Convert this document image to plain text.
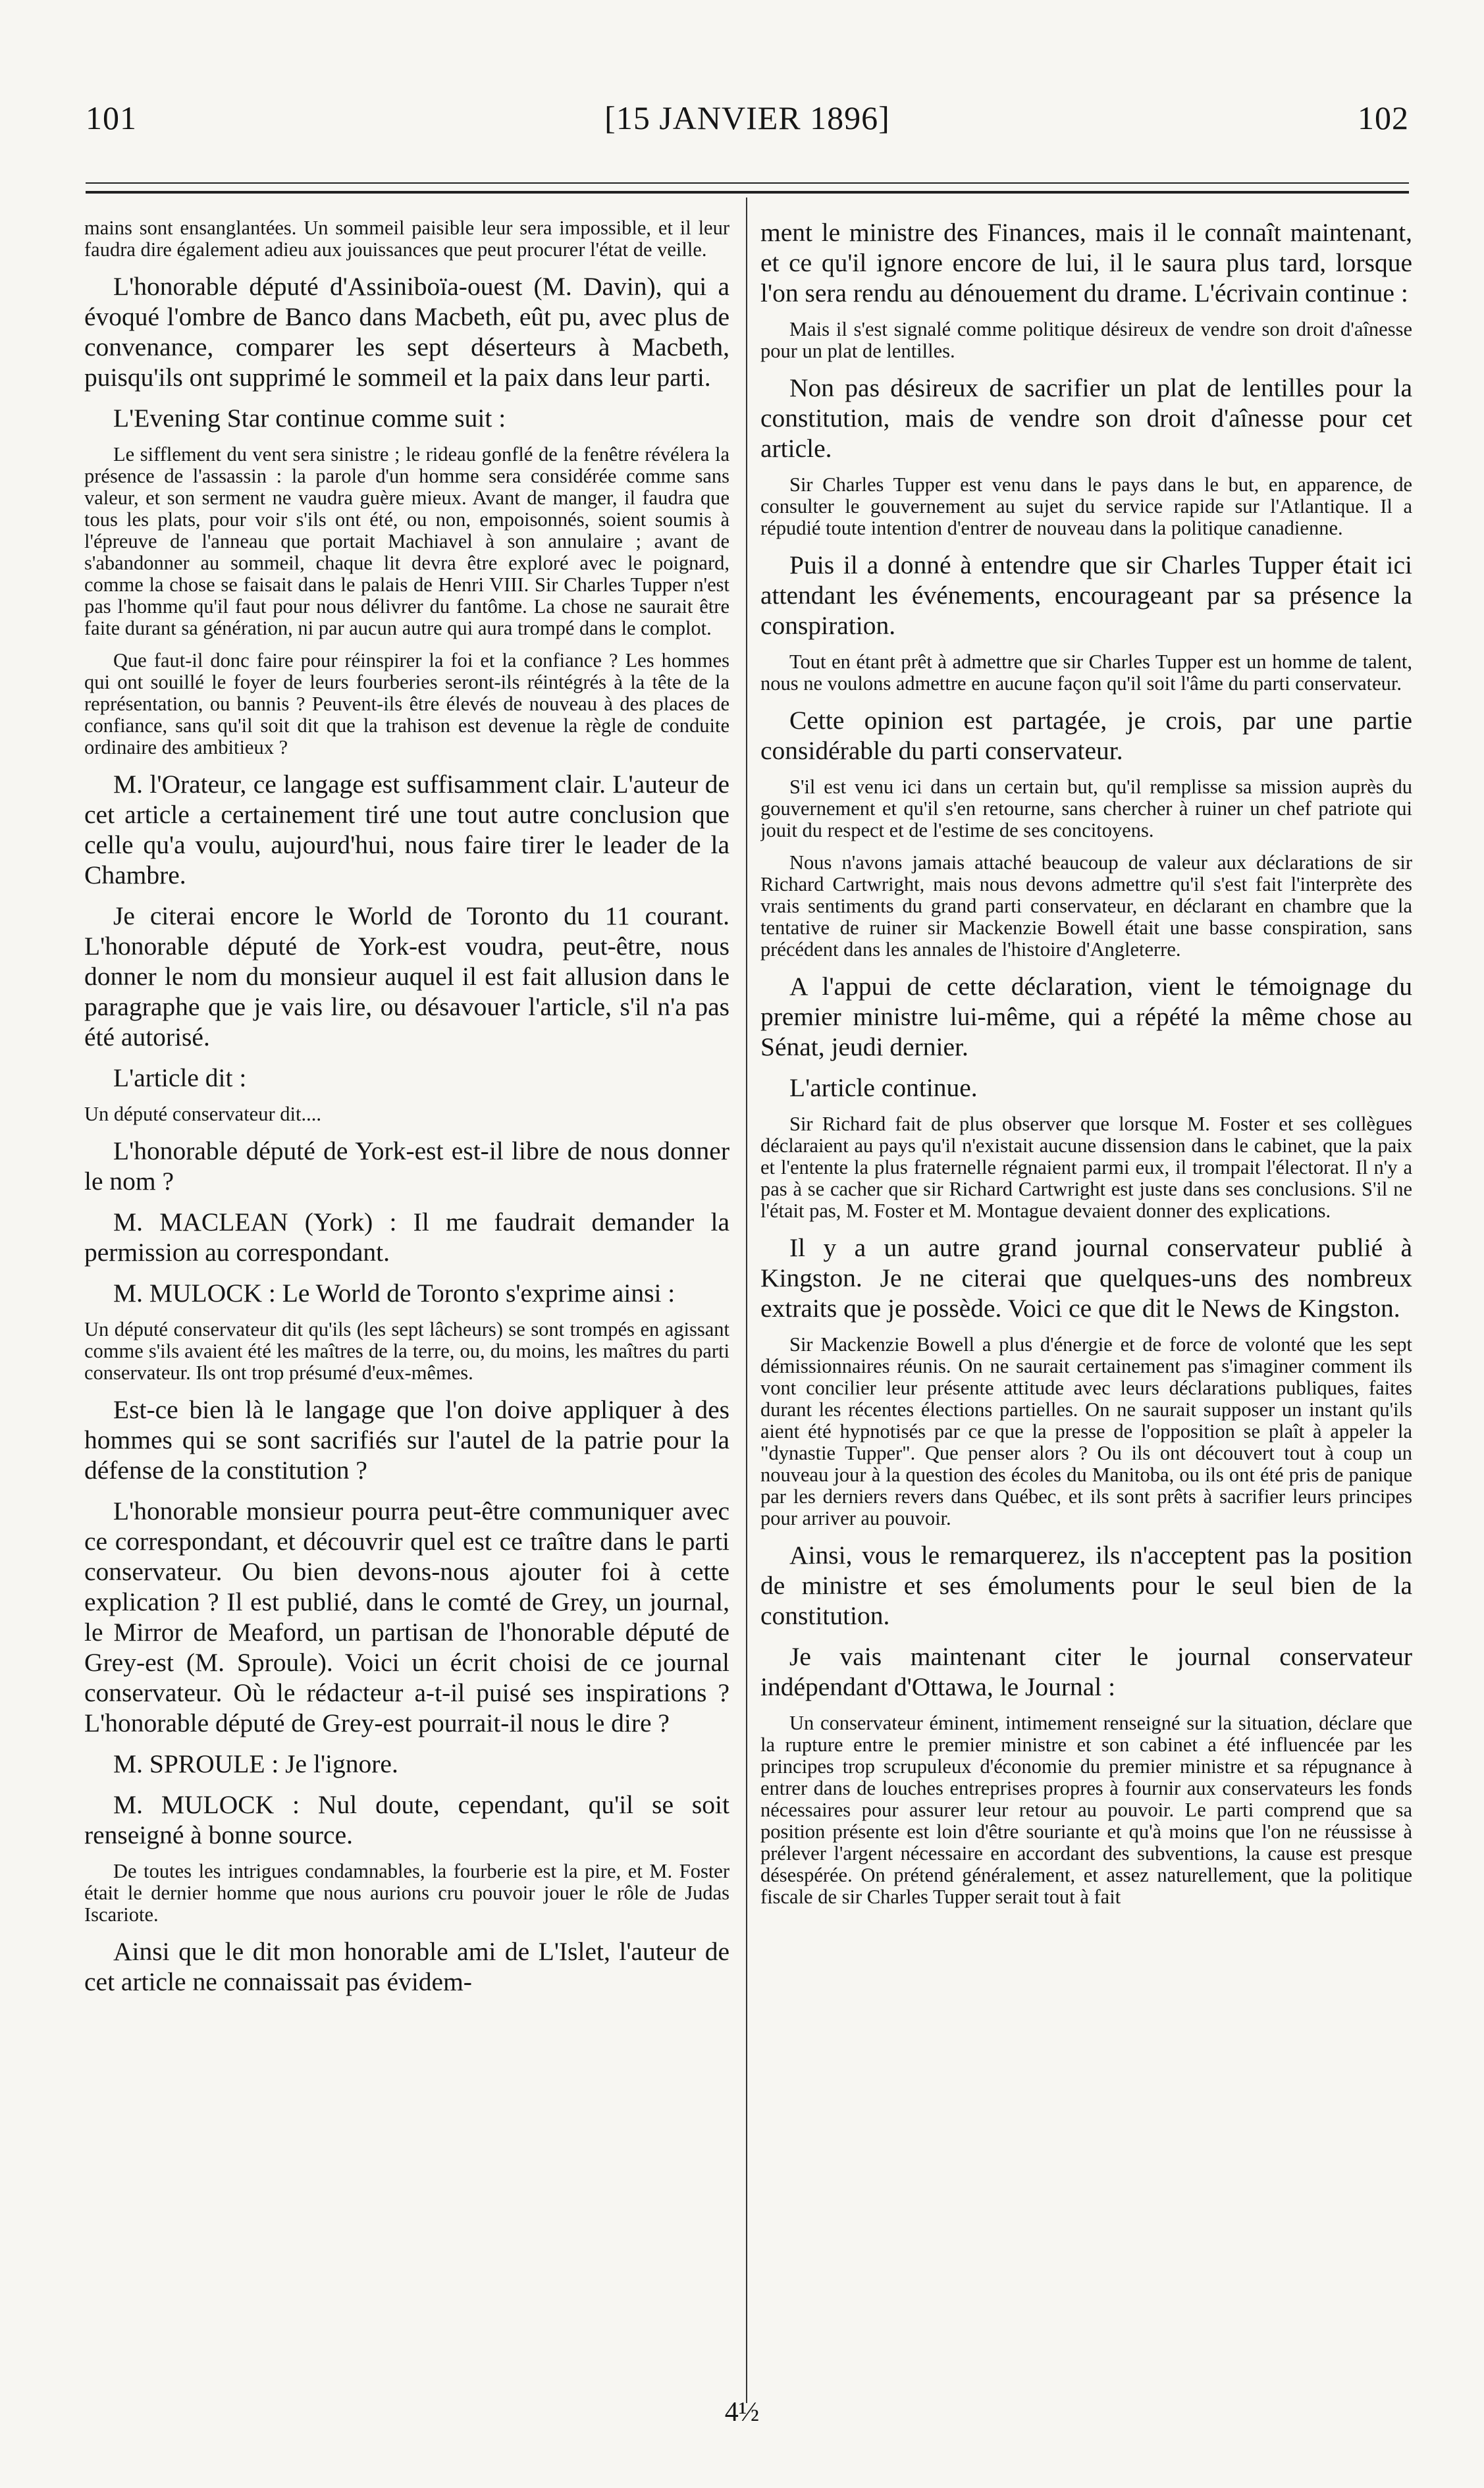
[15 JANVIER 1896]
101	102

mains sont ensanglantées. Un sommeil paisible leur sera impossible, et il leur faudra dire également adieu aux jouissances que peut procurer l'état de veille.

L'honorable député d'Assiniboïa-ouest (M. Davin), qui a évoqué l'ombre de Banco dans Macbeth, eût pu, avec plus de convenance, comparer les sept déserteurs à Macbeth, puisqu'ils ont supprimé le sommeil et la paix dans leur parti.

L'Evening Star continue comme suit :

Le sifflement du vent sera sinistre ; le rideau gonflé de la fenêtre révélera la présence de l'assassin : la parole d'un homme sera considérée comme sans valeur, et son serment ne vaudra guère mieux. Avant de manger, il faudra que tous les plats, pour voir s'ils ont été, ou non, empoisonnés, soient soumis à l'épreuve de l'anneau que portait Machiavel à son annulaire ; avant de s'abandonner au sommeil, chaque lit devra être exploré avec le poignard, comme la chose se faisait dans le palais de Henri VIII. Sir Charles Tupper n'est pas l'homme qu'il faut pour nous délivrer du fantôme. La chose ne saurait être faite durant sa génération, ni par aucun autre qui aura trompé dans le complot.

Que faut-il donc faire pour réinspirer la foi et la confiance ? Les hommes qui ont souillé le foyer de leurs fourberies seront-ils réintégrés à la tête de la représentation, ou bannis ? Peuvent-ils être élevés de nouveau à des places de confiance, sans qu'il soit dit que la trahison est devenue la règle de conduite ordinaire des ambitieux ?

M. l'Orateur, ce langage est suffisamment clair. L'auteur de cet article a certainement tiré une tout autre conclusion que celle qu'a voulu, aujourd'hui, nous faire tirer le leader de la Chambre.

Je citerai encore le World de Toronto du 11 courant. L'honorable député de York-est voudra, peut-être, nous donner le nom du monsieur auquel il est fait allusion dans le paragraphe que je vais lire, ou désavouer l'article, s'il n'a pas été autorisé.

L'article dit :

Un député conservateur dit....

L'honorable député de York-est est-il libre de nous donner le nom ?

M. MACLEAN (York) : Il me faudrait demander la permission au correspondant.

M. MULOCK : Le World de Toronto s'exprime ainsi :

Un député conservateur dit qu'ils (les sept lâcheurs) se sont trompés en agissant comme s'ils avaient été les maîtres de la terre, ou, du moins, les maîtres du parti conservateur. Ils ont trop présumé d'eux-mêmes.

Est-ce bien là le langage que l'on doive appliquer à des hommes qui se sont sacrifiés sur l'autel de la patrie pour la défense de la constitution ?

L'honorable monsieur pourra peut-être communiquer avec ce correspondant, et découvrir quel est ce traître dans le parti conservateur. Ou bien devons-nous ajouter foi à cette explication ? Il est publié, dans le comté de Grey, un journal, le Mirror de Meaford, un partisan de l'honorable député de Grey-est (M. Sproule). Voici un écrit choisi de ce journal conservateur. Où le rédacteur a-t-il puisé ses inspirations ? L'honorable député de Grey-est pourrait-il nous le dire ?

M. SPROULE : Je l'ignore.

M. MULOCK : Nul doute, cependant, qu'il se soit renseigné à bonne source.

De toutes les intrigues condamnables, la fourberie est la pire, et M. Foster était le dernier homme que nous aurions cru pouvoir jouer le rôle de Judas Iscariote.

Ainsi que le dit mon honorable ami de L'Islet, l'auteur de cet article ne connaissait pas évidem-

ment le ministre des Finances, mais il le connaît maintenant, et ce qu'il ignore encore de lui, il le saura plus tard, lorsque l'on sera rendu au dénouement du drame. L'écrivain continue :

Mais il s'est signalé comme politique désireux de vendre son droit d'aînesse pour un plat de lentilles.

Non pas désireux de sacrifier un plat de lentilles pour la constitution, mais de vendre son droit d'aînesse pour cet article.

Sir Charles Tupper est venu dans le pays dans le but, en apparence, de consulter le gouvernement au sujet du service rapide sur l'Atlantique. Il a répudié toute intention d'entrer de nouveau dans la politique canadienne.

Puis il a donné à entendre que sir Charles Tupper était ici attendant les événements, encourageant par sa présence la conspiration.

Tout en étant prêt à admettre que sir Charles Tupper est un homme de talent, nous ne voulons admettre en aucune façon qu'il soit l'âme du parti conservateur.

Cette opinion est partagée, je crois, par une partie considérable du parti conservateur.

S'il est venu ici dans un certain but, qu'il remplisse sa mission auprès du gouvernement et qu'il s'en retourne, sans chercher à ruiner un chef patriote qui jouit du respect et de l'estime de ses concitoyens.

Nous n'avons jamais attaché beaucoup de valeur aux déclarations de sir Richard Cartwright, mais nous devons admettre qu'il s'est fait l'interprète des vrais sentiments du grand parti conservateur, en déclarant en chambre que la tentative de ruiner sir Mackenzie Bowell était une basse conspiration, sans précédent dans les annales de l'histoire d'Angleterre.

A l'appui de cette déclaration, vient le témoignage du premier ministre lui-même, qui a répété la même chose au Sénat, jeudi dernier.

L'article continue.

Sir Richard fait de plus observer que lorsque M. Foster et ses collègues déclaraient au pays qu'il n'existait aucune dissension dans le cabinet, que la paix et l'entente la plus fraternelle régnaient parmi eux, il trompait l'électorat. Il n'y a pas à se cacher que sir Richard Cartwright est juste dans ses conclusions. S'il ne l'était pas, M. Foster et M. Montague devaient donner des explications.

Il y a un autre grand journal conservateur publié à Kingston. Je ne citerai que quelques-uns des nombreux extraits que je possède. Voici ce que dit le News de Kingston.

Sir Mackenzie Bowell a plus d'énergie et de force de volonté que les sept démissionnaires réunis. On ne saurait certainement pas s'imaginer comment ils vont concilier leur présente attitude avec leurs déclarations publiques, faites durant les récentes élections partielles. On ne saurait supposer un instant qu'ils aient été hypnotisés par ce que la presse de l'opposition se plaît à appeler la "dynastie Tupper". Que penser alors ? Ou ils ont découvert tout à coup un nouveau jour à la question des écoles du Manitoba, ou ils ont été pris de panique par les derniers revers dans Québec, et ils sont prêts à sacrifier leurs principes pour arriver au pouvoir.

Ainsi, vous le remarquerez, ils n'acceptent pas la position de ministre et ses émoluments pour le seul bien de la constitution.

Je vais maintenant citer le journal conservateur indépendant d'Ottawa, le Journal :

Un conservateur éminent, intimement renseigné sur la situation, déclare que la rupture entre le premier ministre et son cabinet a été influencée par les principes trop scrupuleux d'économie du premier ministre et sa répugnance à entrer dans de louches entreprises propres à fournir aux conservateurs les fonds nécessaires pour assurer leur retour au pouvoir. Le parti comprend que sa position présente est loin d'être souriante et qu'à moins que l'on ne réussisse à prélever l'argent nécessaire en accordant des subventions, la cause est presque désespérée. On prétend généralement, et assez naturellement, que la politique fiscale de sir Charles Tupper serait tout à fait

4½
